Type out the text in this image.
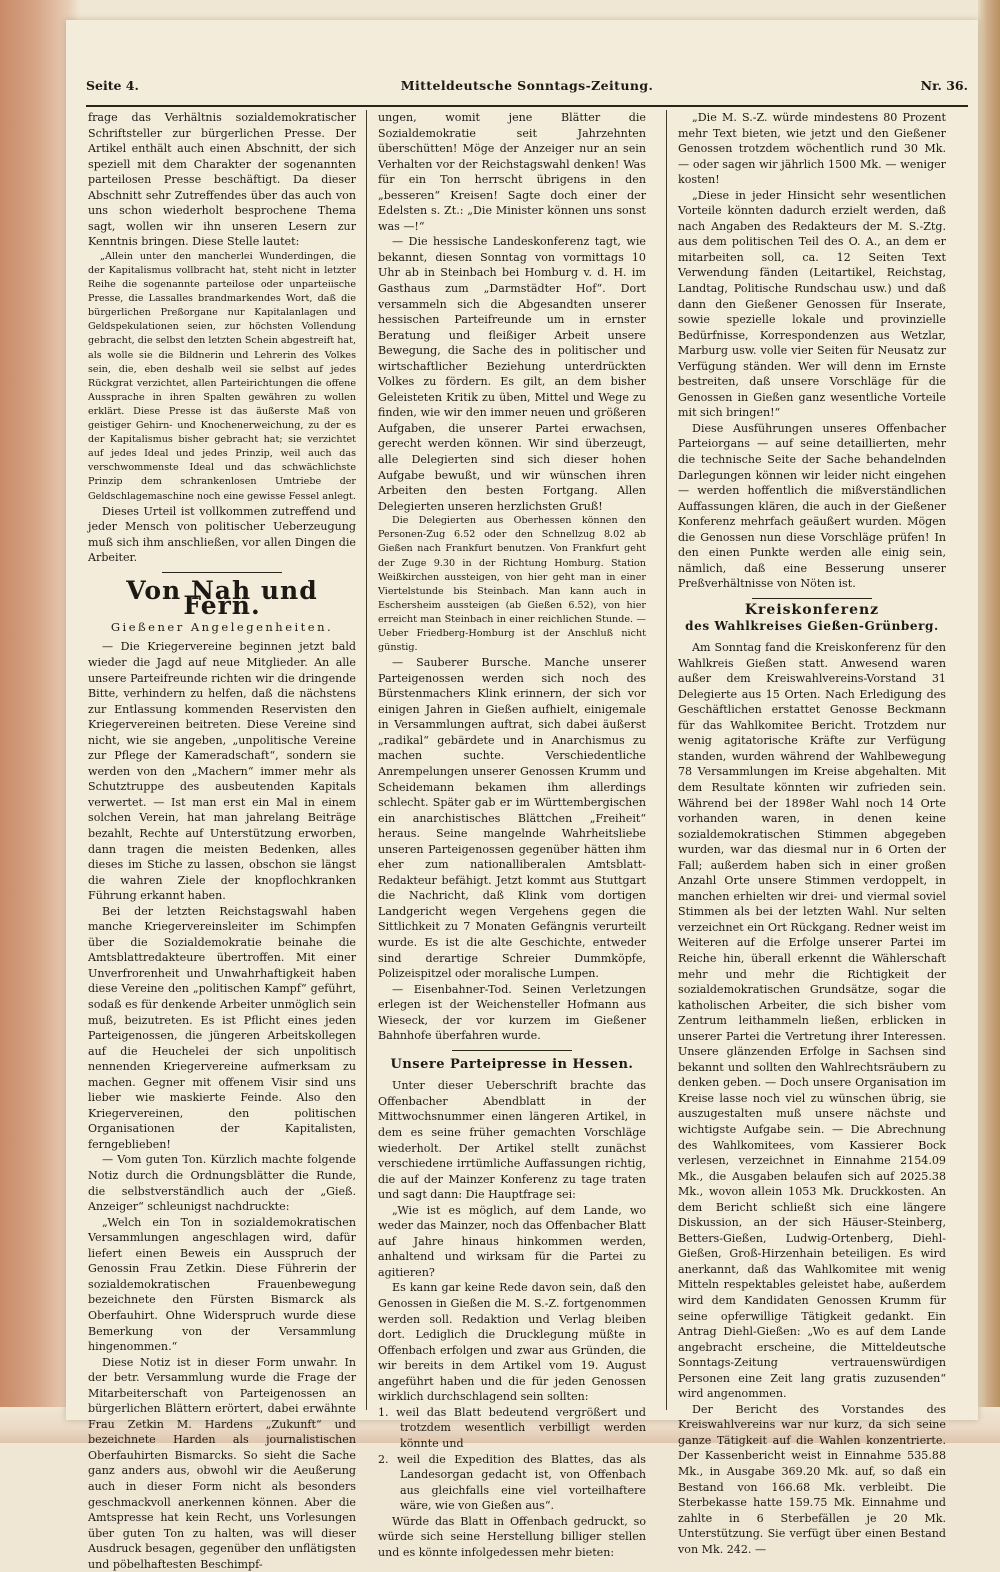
Mitteldeutsche Sonntags-Zeitung.
Seite 4.	Nr. 36.

frage das Verhältnis sozialdemokratischer Schriftsteller zur bürgerlichen Presse. Der Artikel enthält auch einen Abschnitt, der sich speziell mit dem Charakter der sogenannten parteilosen Presse beschäftigt. Da dieser Abschnitt sehr Zutreffendes über das auch von uns schon wiederholt besprochene Thema sagt, wollen wir ihn unseren Lesern zur Kenntnis bringen. Diese Stelle lautet:

„Allein unter den mancherlei Wunderdingen, die der Kapitalismus vollbracht hat, steht nicht in letzter Reihe die sogenannte parteilose oder unparteiische Presse, die Lassalles brandmarkendes Wort, daß die bürgerlichen Preßorgane nur Kapitalanlagen und Geldspekulationen seien, zur höchsten Vollendung gebracht, die selbst den letzten Schein abgestreift hat, als wolle sie die Bildnerin und Lehrerin des Volkes sein, die, eben deshalb weil sie selbst auf jedes Rückgrat verzichtet, allen Parteirichtungen die offene Aussprache in ihren Spalten gewähren zu wollen erklärt. Diese Presse ist das äußerste Maß von geistiger Gehirn- und Knochenerweichung, zu der es der Kapitalismus bisher gebracht hat; sie verzichtet auf jedes Ideal und jedes Prinzip, weil auch das verschwommenste Ideal und das schwächlichste Prinzip dem schrankenlosen Umtriebe der Geldschlagemaschine noch eine gewisse Fessel anlegt.

Dieses Urteil ist vollkommen zutreffend und jeder Mensch von politischer Ueberzeugung muß sich ihm anschließen, vor allen Dingen die Arbeiter.

Von Nah und Fern.
Gießener Angelegenheiten.

— Die Kriegervereine beginnen jetzt bald wieder die Jagd auf neue Mitglieder. An alle unsere Parteifreunde richten wir die dringende Bitte, verhindern zu helfen, daß die nächstens zur Entlassung kommenden Reservisten den Kriegervereinen beitreten. Diese Vereine sind nicht, wie sie angeben, „unpolitische Vereine zur Pflege der Kameradschaft“, sondern sie werden von den „Machern“ immer mehr als Schutztruppe des ausbeutenden Kapitals verwertet. — Ist man erst ein Mal in einem solchen Verein, hat man jahrelang Beiträge bezahlt, Rechte auf Unterstützung erworben, dann tragen die meisten Bedenken, alles dieses im Stiche zu lassen, obschon sie längst die wahren Ziele der knopflochkranken Führung erkannt haben.

Bei der letzten Reichstagswahl haben manche Kriegervereinsleiter im Schimpfen über die Sozialdemokratie beinahe die Amtsblattredakteure übertroffen. Mit einer Unverfrorenheit und Unwahrhaftigkeit haben diese Vereine den „politischen Kampf“ geführt, sodaß es für denkende Arbeiter unmöglich sein muß, beizutreten. Es ist Pflicht eines jeden Parteigenossen, die jüngeren Arbeitskollegen auf die Heuchelei der sich unpolitisch nennenden Kriegervereine aufmerksam zu machen. Gegner mit offenem Visir sind uns lieber wie maskierte Feinde. Also den Kriegervereinen, den politischen Organisationen der Kapitalisten, ferngeblieben!

— Vom guten Ton. Kürzlich machte folgende Notiz durch die Ordnungsblätter die Runde, die selbstverständlich auch der „Gieß. Anzeiger“ schleunigst nachdruckte:

„Welch ein Ton in sozialdemokratischen Versammlungen angeschlagen wird, dafür liefert einen Beweis ein Ausspruch der Genossin Frau Zetkin. Diese Führerin der sozialdemokratischen Frauenbewegung bezeichnete den Fürsten Bismarck als Oberfauhirt. Ohne Widerspruch wurde diese Bemerkung von der Versammlung hingenommen.“

Diese Notiz ist in dieser Form unwahr. In der betr. Versammlung wurde die Frage der Mitarbeiterschaft von Parteigenossen an bürgerlichen Blättern erörtert, dabei erwähnte Frau Zetkin M. Hardens „Zukunft“ und bezeichnete Harden als journalistischen Oberfauhirten Bismarcks. So sieht die Sache ganz anders aus, obwohl wir die Aeußerung auch in dieser Form nicht als besonders geschmackvoll anerkennen können. Aber die Amtspresse hat kein Recht, uns Vorlesungen über guten Ton zu halten, was will dieser Ausdruck besagen, gegenüber den unflätigsten und pöbelhaftesten Beschimpf-

ungen, womit jene Blätter die Sozialdemokratie seit Jahrzehnten überschütten! Möge der Anzeiger nur an sein Verhalten vor der Reichstagswahl denken! Was für ein Ton herrscht übrigens in den „besseren“ Kreisen! Sagte doch einer der Edelsten s. Zt.: „Die Minister können uns sonst was —!“

— Die hessische Landeskonferenz tagt, wie bekannt, diesen Sonntag von vormittags 10 Uhr ab in Steinbach bei Homburg v. d. H. im Gasthaus zum „Darmstädter Hof“. Dort versammeln sich die Abgesandten unserer hessischen Parteifreunde um in ernster Beratung und fleißiger Arbeit unsere Bewegung, die Sache des in politischer und wirtschaftlicher Beziehung unterdrückten Volkes zu fördern. Es gilt, an dem bisher Geleisteten Kritik zu üben, Mittel und Wege zu finden, wie wir den immer neuen und größeren Aufgaben, die unserer Partei erwachsen, gerecht werden können. Wir sind überzeugt, alle Delegierten sind sich dieser hohen Aufgabe bewußt, und wir wünschen ihren Arbeiten den besten Fortgang. Allen Delegierten unseren herzlichsten Gruß!

Die Delegierten aus Oberhessen können den Personen-Zug 6.52 oder den Schnellzug 8.02 ab Gießen nach Frankfurt benutzen. Von Frankfurt geht der Zuge 9.30 in der Richtung Homburg. Station Weißkirchen aussteigen, von hier geht man in einer Viertelstunde bis Steinbach. Man kann auch in Eschersheim aussteigen (ab Gießen 6.52), von hier erreicht man Steinbach in einer reichlichen Stunde. — Ueber Friedberg-Homburg ist der Anschluß nicht günstig.

— Sauberer Bursche. Manche unserer Parteigenossen werden sich noch des Bürstenmachers Klink erinnern, der sich vor einigen Jahren in Gießen aufhielt, einigemale in Versammlungen auftrat, sich dabei äußerst „radikal“ gebärdete und in Anarchismus zu machen suchte. Verschiedentliche Anrempelungen unserer Genossen Krumm und Scheidemann bekamen ihm allerdings schlecht. Später gab er im Württembergischen ein anarchistisches Blättchen „Freiheit“ heraus. Seine mangelnde Wahrheitsliebe unseren Parteigenossen gegenüber hätten ihm eher zum nationalliberalen Amtsblatt-Redakteur befähigt. Jetzt kommt aus Stuttgart die Nachricht, daß Klink vom dortigen Landgericht wegen Vergehens gegen die Sittlichkeit zu 7 Monaten Gefängnis verurteilt wurde. Es ist die alte Geschichte, entweder sind derartige Schreier Dummköpfe, Polizeispitzel oder moralische Lumpen.

— Eisenbahner-Tod. Seinen Verletzungen erlegen ist der Weichensteller Hofmann aus Wieseck, der vor kurzem im Gießener Bahnhofe überfahren wurde.

Unsere Parteipresse in Hessen.

Unter dieser Ueberschrift brachte das Offenbacher Abendblatt in der Mittwochsnummer einen längeren Artikel, in dem es seine früher gemachten Vorschläge wiederholt. Der Artikel stellt zunächst verschiedene irrtümliche Auffassungen richtig, die auf der Mainzer Konferenz zu tage traten und sagt dann: Die Hauptfrage sei:

„Wie ist es möglich, auf dem Lande, wo weder das Mainzer, noch das Offenbacher Blatt auf Jahre hinaus hinkommen werden, anhaltend und wirksam für die Partei zu agitieren?

Es kann gar keine Rede davon sein, daß den Genossen in Gießen die M. S.-Z. fortgenommen werden soll. Redaktion und Verlag bleiben dort. Lediglich die Drucklegung müßte in Offenbach erfolgen und zwar aus Gründen, die wir bereits in dem Artikel vom 19. August angeführt haben und die für jeden Genossen wirklich durchschlagend sein sollten:

1. weil das Blatt bedeutend vergrößert und trotzdem wesentlich verbilligt werden könnte und
2. weil die Expedition des Blattes, das als Landesorgan gedacht ist, von Offenbach aus gleichfalls eine viel vorteilhaftere wäre, wie von Gießen aus“.

Würde das Blatt in Offenbach gedruckt, so würde sich seine Herstellung billiger stellen und es könnte infolgedessen mehr bieten:

„Die M. S.-Z. würde mindestens 80 Prozent mehr Text bieten, wie jetzt und den Gießener Genossen trotzdem wöchentlich rund 30 Mk. — oder sagen wir jährlich 1500 Mk. — weniger kosten!

„Diese in jeder Hinsicht sehr wesentlichen Vorteile könnten dadurch erzielt werden, daß nach Angaben des Redakteurs der M. S.-Ztg. aus dem politischen Teil des O. A., an dem er mitarbeiten soll, ca. 12 Seiten Text Verwendung fänden (Leitartikel, Reichstag, Landtag, Politische Rundschau usw.) und daß dann den Gießener Genossen für Inserate, sowie spezielle lokale und provinzielle Bedürfnisse, Korrespondenzen aus Wetzlar, Marburg usw. volle vier Seiten für Neusatz zur Verfügung ständen. Wer will denn im Ernste bestreiten, daß unsere Vorschläge für die Genossen in Gießen ganz wesentliche Vorteile mit sich bringen!“

Diese Ausführungen unseres Offenbacher Parteiorgans — auf seine detaillierten, mehr die technische Seite der Sache behandelnden Darlegungen können wir leider nicht eingehen — werden hoffentlich die mißverständlichen Auffassungen klären, die auch in der Gießener Konferenz mehrfach geäußert wurden. Mögen die Genossen nun diese Vorschläge prüfen! In den einen Punkte werden alle einig sein, nämlich, daß eine Besserung unserer Preßverhältnisse von Nöten ist.

Kreiskonferenz
des Wahlkreises Gießen-Grünberg.

Am Sonntag fand die Kreiskonferenz für den Wahlkreis Gießen statt. Anwesend waren außer dem Kreiswahlvereins-Vorstand 31 Delegierte aus 15 Orten. Nach Erledigung des Geschäftlichen erstattet Genosse Beckmann für das Wahlkomitee Bericht. Trotzdem nur wenig agitatorische Kräfte zur Verfügung standen, wurden während der Wahlbewegung 78 Versammlungen im Kreise abgehalten. Mit dem Resultate könnten wir zufrieden sein. Während bei der 1898er Wahl noch 14 Orte vorhanden waren, in denen keine sozialdemokratischen Stimmen abgegeben wurden, war das diesmal nur in 6 Orten der Fall; außerdem haben sich in einer großen Anzahl Orte unsere Stimmen verdoppelt, in manchen erhielten wir drei- und viermal soviel Stimmen als bei der letzten Wahl. Nur selten verzeichnet ein Ort Rückgang. Redner weist im Weiteren auf die Erfolge unserer Partei im Reiche hin, überall erkennt die Wählerschaft mehr und mehr die Richtigkeit der sozialdemokratischen Grundsätze, sogar die katholischen Arbeiter, die sich bisher vom Zentrum leithammeln ließen, erblicken in unserer Partei die Vertretung ihrer Interessen. Unsere glänzenden Erfolge in Sachsen sind bekannt und sollten den Wahlrechtsräubern zu denken geben. — Doch unsere Organisation im Kreise lasse noch viel zu wünschen übrig, sie auszugestalten muß unsere nächste und wichtigste Aufgabe sein. — Die Abrechnung des Wahlkomitees, vom Kassierer Bock verlesen, verzeichnet in Einnahme 2154.09 Mk., die Ausgaben belaufen sich auf 2025.38 Mk., wovon allein 1053 Mk. Druckkosten. An dem Bericht schließt sich eine längere Diskussion, an der sich Häuser-Steinberg, Betters-Gießen, Ludwig-Ortenberg, Diehl-Gießen, Groß-Hirzenhain beteiligen. Es wird anerkannt, daß das Wahlkomitee mit wenig Mitteln respektables geleistet habe, außerdem wird dem Kandidaten Genossen Krumm für seine opferwillige Tätigkeit gedankt. Ein Antrag Diehl-Gießen: „Wo es auf dem Lande angebracht erscheine, die Mitteldeutsche Sonntags-Zeitung vertrauenswürdigen Personen eine Zeit lang gratis zuzusenden“ wird angenommen.

Der Bericht des Vorstandes des Kreiswahlvereins war nur kurz, da sich seine ganze Tätigkeit auf die Wahlen konzentrierte. Der Kassenbericht weist in Einnahme 535.88 Mk., in Ausgabe 369.20 Mk. auf, so daß ein Bestand von 166.68 Mk. verbleibt. Die Sterbekasse hatte 159.75 Mk. Einnahme und zahlte in 6 Sterbefällen je 20 Mk. Unterstützung. Sie verfügt über einen Bestand von Mk. 242. —
